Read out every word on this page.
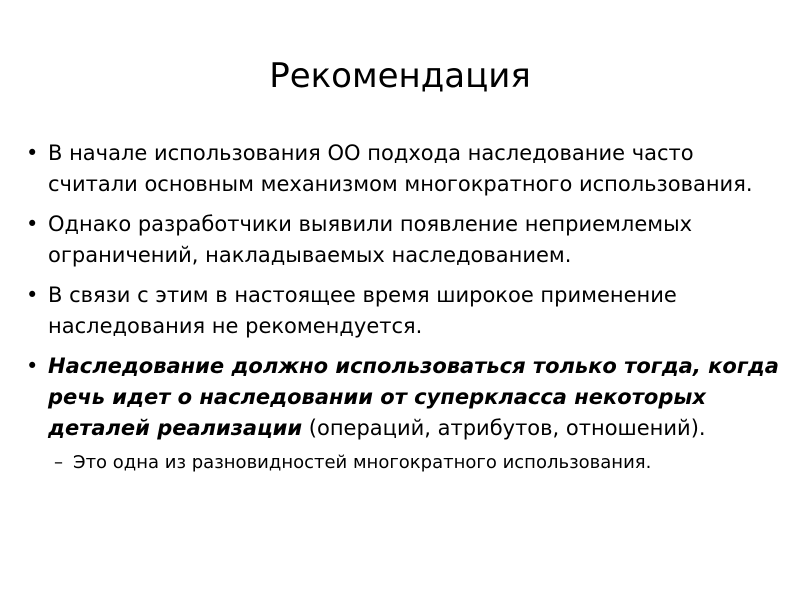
Рекомендация
• В начале использования ОО подхода наследование часто считали основным механизмом многократного использования.
• Однако разработчики выявили появление неприемлемых ограничений, накладываемых наследованием.
• В связи с этим в настоящее время широкое применение наследования не рекомендуется.
• Наследование должно использоваться только тогда, когда речь идет о наследовании от суперкласса некоторых деталей реализации (операций, атрибутов, отношений).
– Это одна из разновидностей многократного использования.
